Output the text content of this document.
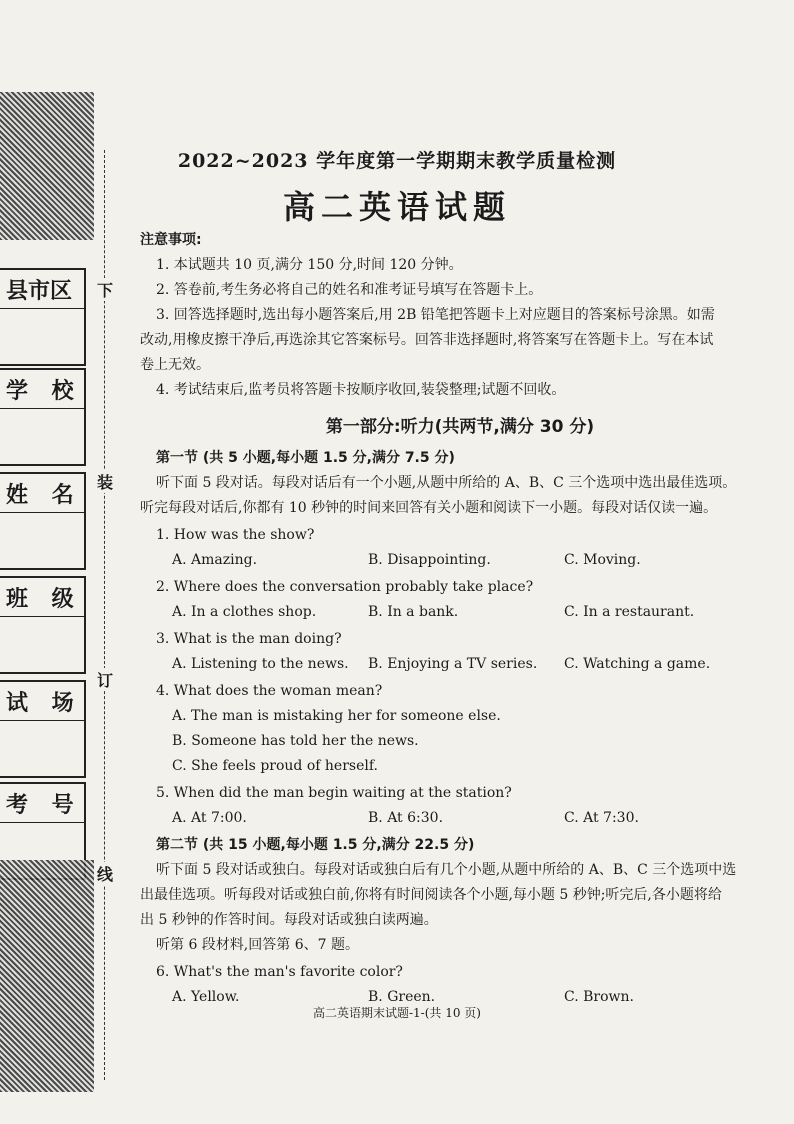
县市区
学 校
姓 名
班 级
试 场
考 号
下
装
订
线
2022~2023 学年度第一学期期末教学质量检测
高二英语试题
注意事项:

1. 本试题共 10 页,满分 150 分,时间 120 分钟。

2. 答卷前,考生务必将自己的姓名和准考证号填写在答题卡上。

3. 回答选择题时,选出每小题答案后,用 2B 铅笔把答题卡上对应题目的答案标号涂黑。如需

改动,用橡皮擦干净后,再选涂其它答案标号。回答非选择题时,将答案写在答题卡上。写在本试

卷上无效。

4. 考试结束后,监考员将答题卡按顺序收回,装袋整理;试题不回收。

第一部分:听力(共两节,满分 30 分)
第一节 (共 5 小题,每小题 1.5 分,满分 7.5 分)

听下面 5 段对话。每段对话后有一个小题,从题中所给的 A、B、C 三个选项中选出最佳选项。

听完每段对话后,你都有 10 秒钟的时间来回答有关小题和阅读下一小题。每段对话仅读一遍。

1. How was the show?
A. Amazing.	B. Disappointing.	C. Moving.
2. Where does the conversation probably take place?
A. In a clothes shop.	B. In a bank.	C. In a restaurant.
3. What is the man doing?
A. Listening to the news.	B. Enjoying a TV series.	C. Watching a game.
4. What does the woman mean?
A. The man is mistaking her for someone else.
B. Someone has told her the news.
C. She feels proud of herself.
5. When did the man begin waiting at the station?
A. At 7:00.	B. At 6:30.	C. At 7:30.
第二节 (共 15 小题,每小题 1.5 分,满分 22.5 分)

听下面 5 段对话或独白。每段对话或独白后有几个小题,从题中所给的 A、B、C 三个选项中选

出最佳选项。听每段对话或独白前,你将有时间阅读各个小题,每小题 5 秒钟;听完后,各小题将给

出 5 秒钟的作答时间。每段对话或独白读两遍。

听第 6 段材料,回答第 6、7 题。

6. What's the man's favorite color?
A. Yellow.	B. Green.	C. Brown.
高二英语期末试题-1-(共 10 页)
